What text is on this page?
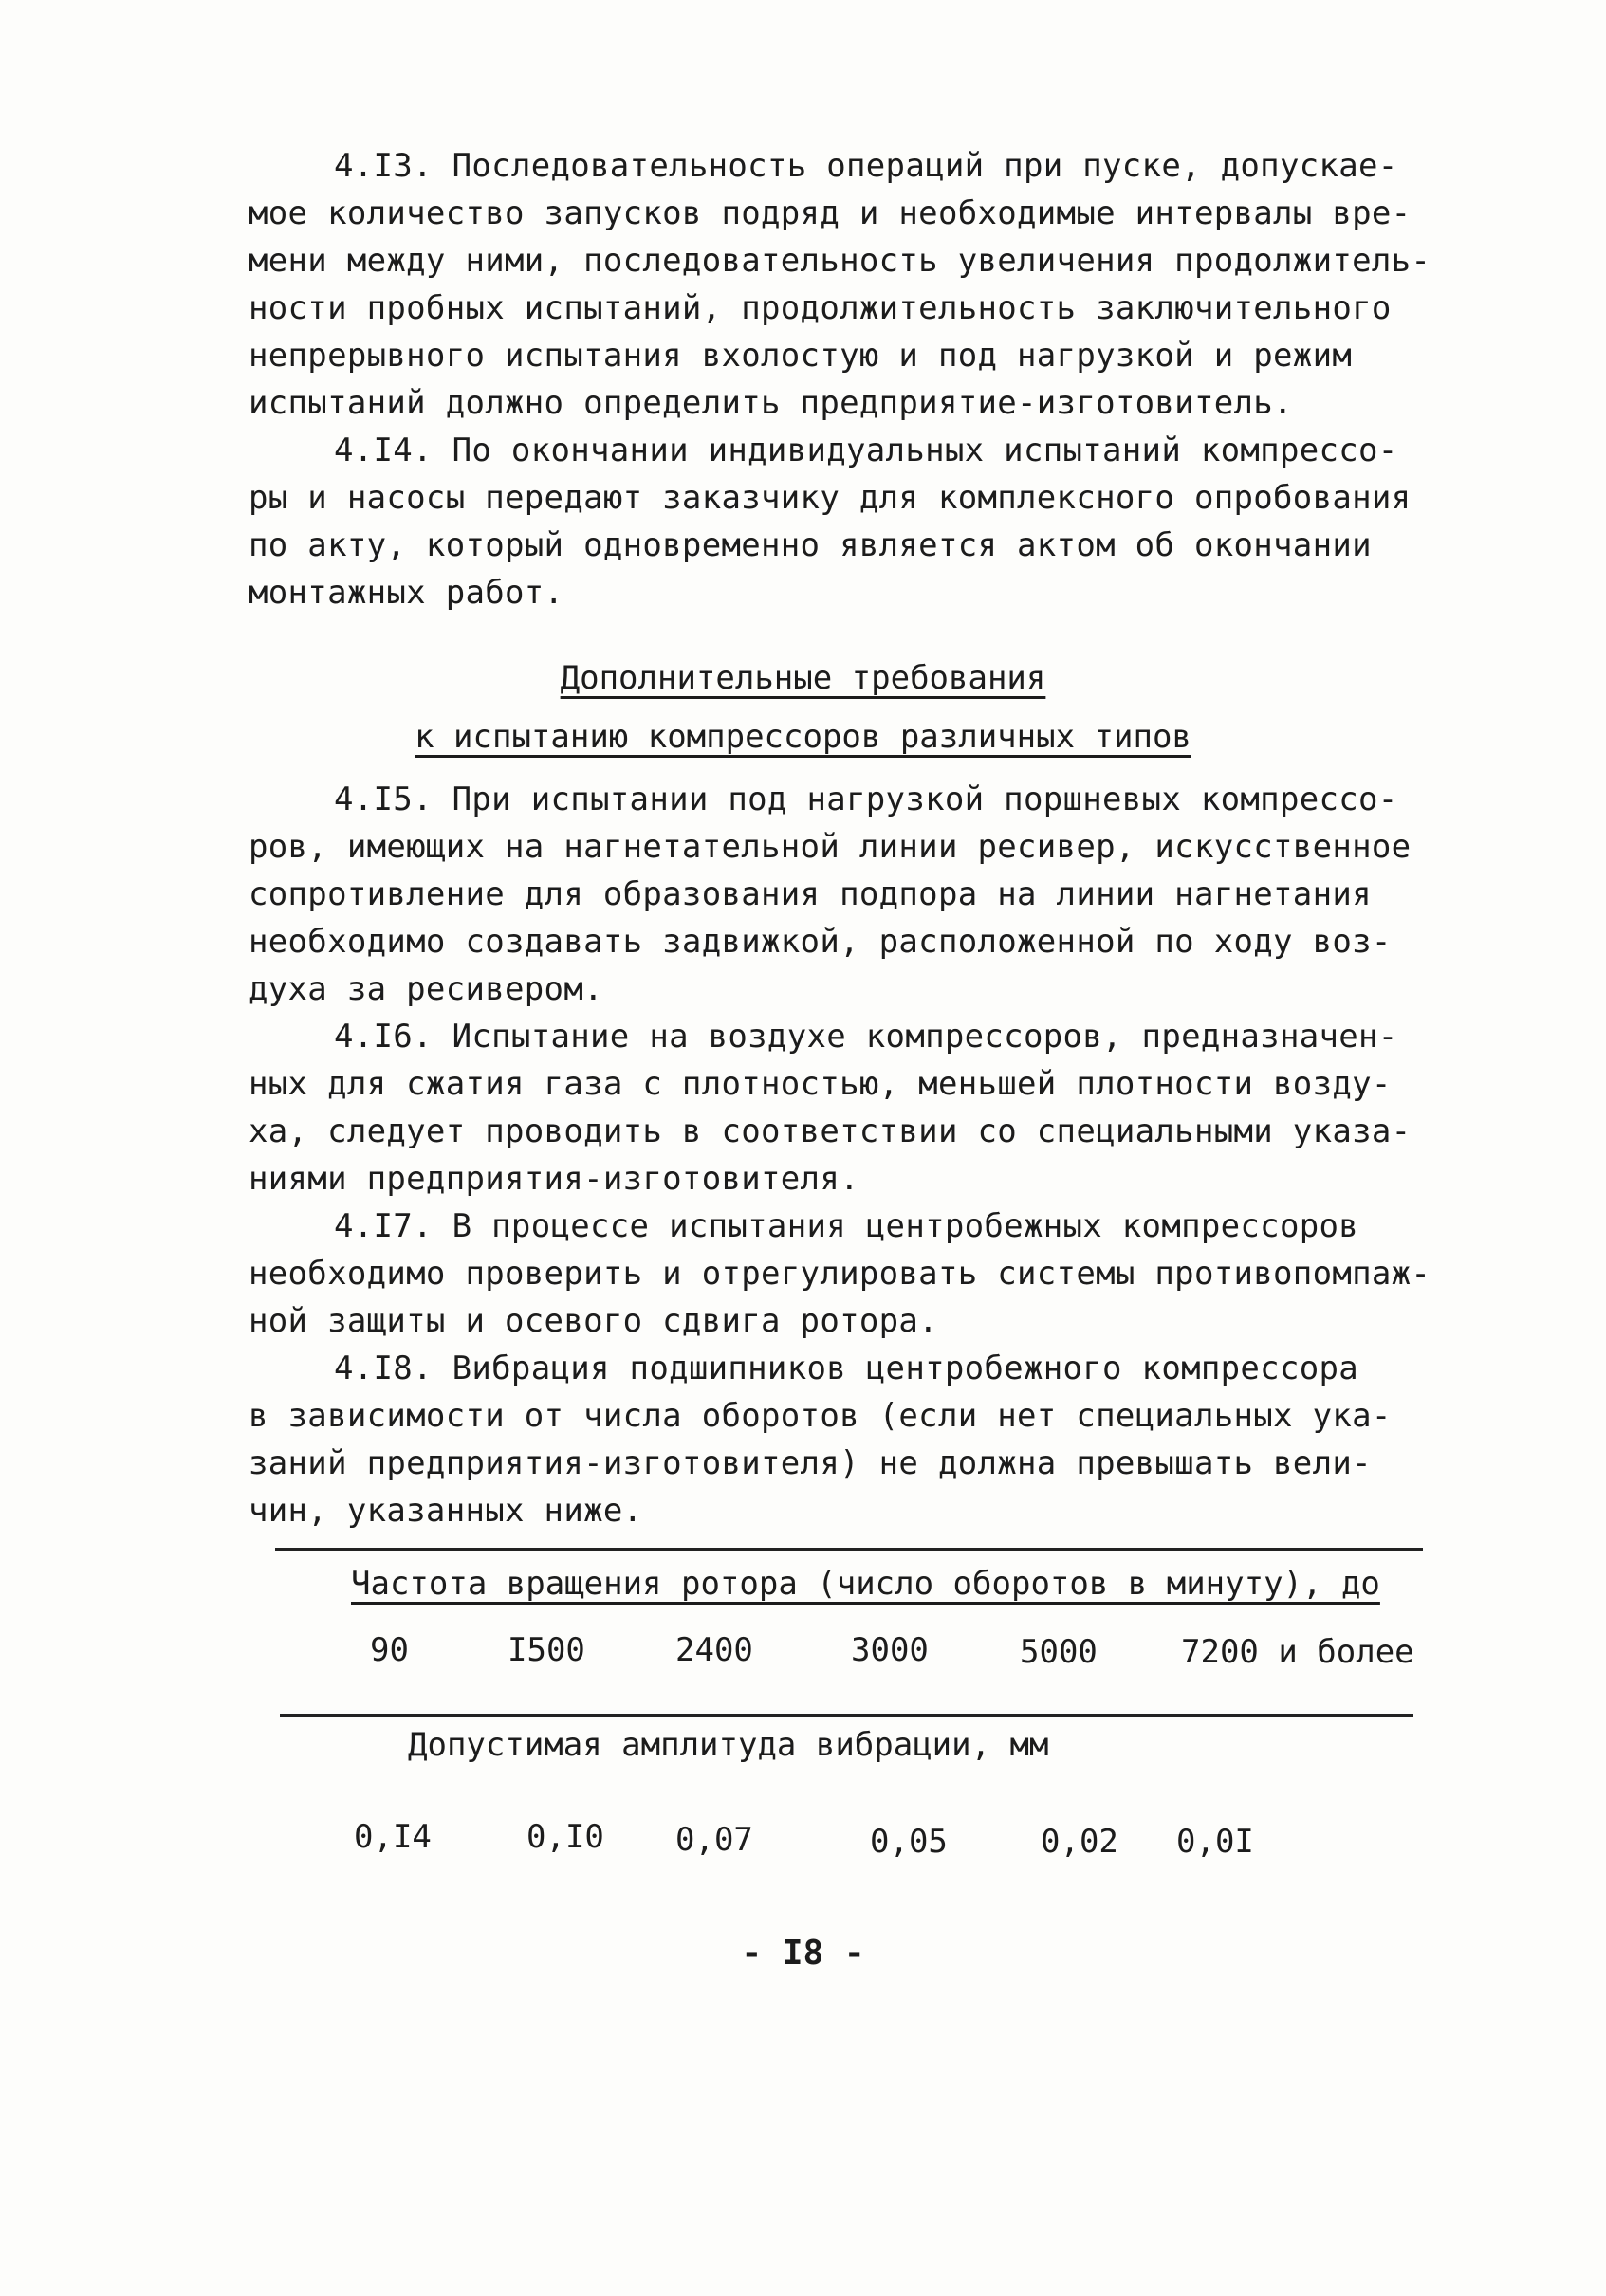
4.I3. Последовательность операций при пуске, допускае-
мое количество запусков подряд и необходимые интервалы вре-
мени между ними, последовательность увеличения продолжитель-
ности пробных испытаний, продолжительность заключительного
непрерывного испытания вхолостую и под нагрузкой и режим
испытаний должно определить предприятие-изготовитель.
4.I4. По окончании индивидуальных испытаний компрессо-
ры и насосы передают заказчику для комплексного опробования
по акту, который одновременно является актом об окончании
монтажных работ.
Дополнительные требования
к испытанию компрессоров различных типов
4.I5. При испытании под нагрузкой поршневых компрессо-
ров, имеющих на нагнетательной линии ресивер, искусственное
сопротивление для образования подпора на линии нагнетания
необходимо создавать задвижкой, расположенной по ходу воз-
духа за ресивером.
4.I6. Испытание на воздухе компрессоров, предназначен-
ных для сжатия газа с плотностью, меньшей плотности возду-
ха, следует проводить в соответствии со специальными указа-
ниями предприятия-изготовителя.
4.I7. В процессе испытания центробежных компрессоров
необходимо проверить и отрегулировать системы противопомпаж-
ной защиты и осевого сдвига ротора.
4.I8. Вибрация подшипников центробежного компрессора
в зависимости от числа оборотов (если нет специальных ука-
заний предприятия-изготовителя) не должна превышать вели-
чин, указанных ниже.
Частота вращения ротора (число оборотов в минуту), до
90	I500	2400	3000	5000	7200 и более
Допустимая амплитуда вибрации, мм
0,I4	0,I0 0,07	0,05	0,02 0,0I
- I8 -
